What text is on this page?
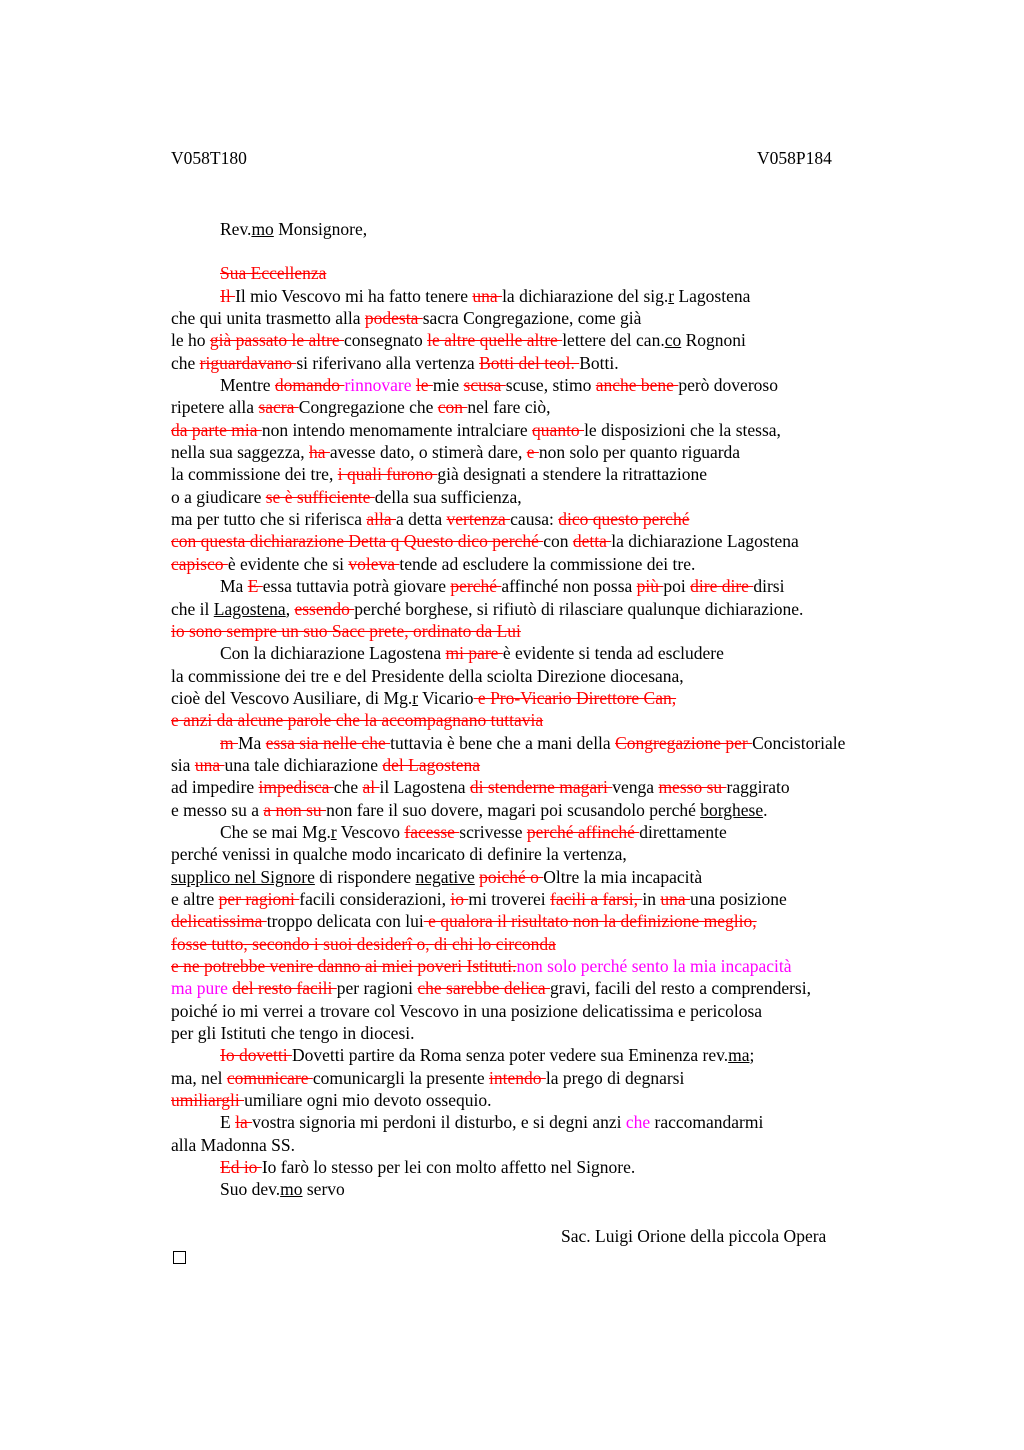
V058T180	V058P184
Rev.mo Monsignore,
Sua Eccellenza
Il Il mio Vescovo mi ha fatto tenere una la dichiarazione del sig.r Lagostena
che qui unita trasmetto alla podesta sacra Congregazione, come già
le ho già passato le altre consegnato le altre quelle altre lettere del can.co Rognoni
che riguardavano si riferivano alla vertenza Botti del teol. Botti.
Mentre domando rinnovare le mie scusa scuse, stimo anche bene però doveroso
ripetere alla sacra Congregazione che con nel fare ciò,
da parte mia non intendo menomamente intralciare quanto le disposizioni che la stessa,
nella sua saggezza, ha avesse dato, o stimerà dare, e non solo per quanto riguarda
la commissione dei tre, i quali furono già designati a stendere la ritrattazione
o a giudicare se è sufficiente della sua sufficienza,
ma per tutto che si riferisca alla a detta vertenza causa: dico questo perché
con questa dichiarazione Detta q Questo dico perché con detta la dichiarazione Lagostena
capisco è evidente che si voleva tende ad escludere la commissione dei tre.
Ma E essa tuttavia potrà giovare perché affinché non possa più poi dire dire dirsi
che il Lagostena, essendo perché borghese, si rifiutò di rilasciare qualunque dichiarazione.
io sono sempre un suo Sacc prete, ordinato da Lui
Con la dichiarazione Lagostena mi pare è evidente si tenda ad escludere
la commissione dei tre e del Presidente della sciolta Direzione diocesana,
cioè del Vescovo Ausiliare, di Mg.r Vicario e Pro-Vicario Direttore Can,
e anzi da alcune parole che la accompagnano tuttavia
m Ma essa sia nelle che tuttavia è bene che a mani della Congregazione per Concistoriale
sia una una tale dichiarazione del Lagostena
ad impedire impedisca che al il Lagostena di stenderne magari venga messo su raggirato
e messo su a a non su non fare il suo dovere, magari poi scusandolo perché borghese.
Che se mai Mg.r Vescovo facesse scrivesse perché affinché direttamente
perché venissi in qualche modo incaricato di definire la vertenza,
supplico nel Signore di rispondere negative poiché o Oltre la mia incapacità
e altre per ragioni facili considerazioni, io mi troverei facili a farsi, in una una posizione
delicatissima troppo delicata con lui e qualora il risultato non la definizione meglio,
fosse tutto, secondo i suoi desiderî o, di chi lo circonda
e ne potrebbe venire danno ai miei poveri Istituti.non solo perché sento la mia incapacità
ma pure del resto facili per ragioni che sarebbe delica gravi, facili del resto a comprendersi,
poiché io mi verrei a trovare col Vescovo in una posizione delicatissima e pericolosa
per gli Istituti che tengo in diocesi.
Io dovetti Dovetti partire da Roma senza poter vedere sua Eminenza rev.ma;
ma, nel comunicare comunicargli la presente intendo la prego di degnarsi
umiliargli umiliare ogni mio devoto ossequio.
E la vostra signoria mi perdoni il disturbo, e si degni anzi che raccomandarmi
alla Madonna SS.
Ed io Io farò lo stesso per lei con molto affetto nel Signore.
Suo dev.mo servo
Sac. Luigi Orione della piccola Opera
